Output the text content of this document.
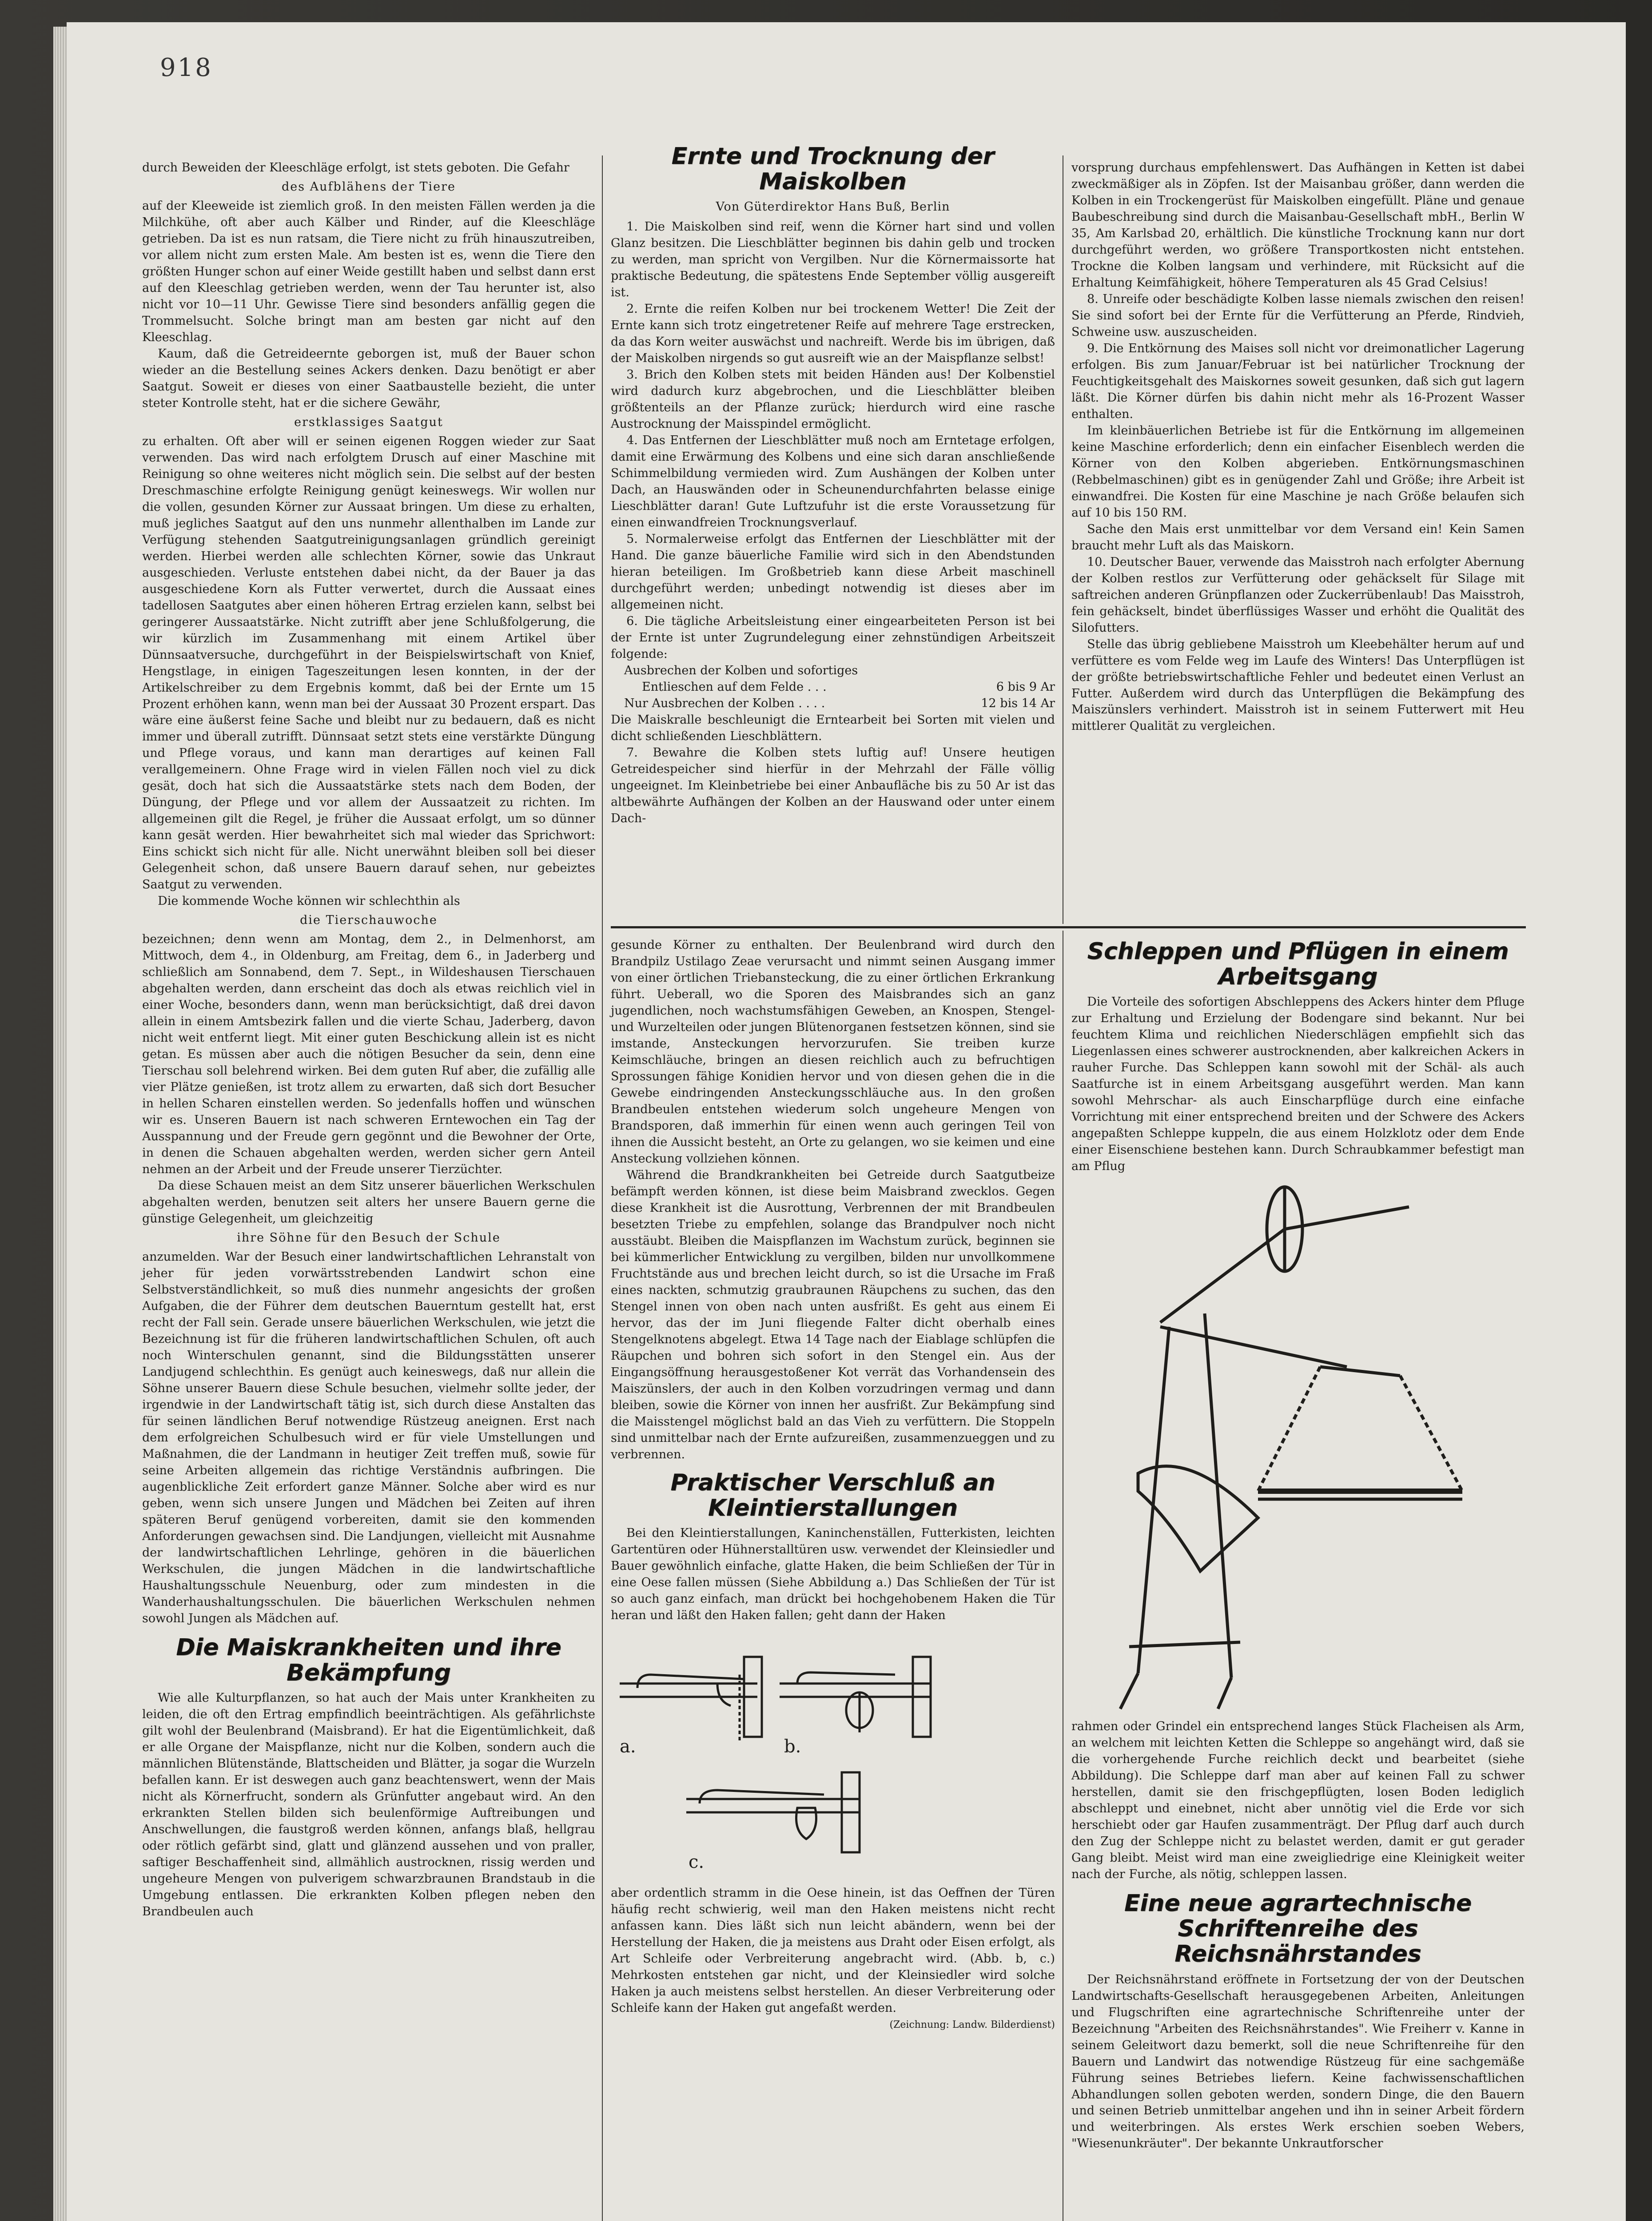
918

durch Beweiden der Kleeschläge erfolgt, ist stets geboten. Die Gefahr

des Aufblähens der Tiere

auf der Kleeweide ist ziemlich groß. In den meisten Fällen werden ja die Milchkühe, oft aber auch Kälber und Rinder, auf die Kleeschläge getrieben. Da ist es nun ratsam, die Tiere nicht zu früh hinauszutreiben, vor allem nicht zum ersten Male. Am besten ist es, wenn die Tiere den größten Hunger schon auf einer Weide gestillt haben und selbst dann erst auf den Kleeschlag getrieben werden, wenn der Tau herunter ist, also nicht vor 10—11 Uhr. Gewisse Tiere sind besonders anfällig gegen die Trommelsucht. Solche bringt man am besten gar nicht auf den Kleeschlag.

Kaum, daß die Getreideernte geborgen ist, muß der Bauer schon wieder an die Bestellung seines Ackers denken. Dazu benötigt er aber Saatgut. Soweit er dieses von einer Saatbaustelle bezieht, die unter steter Kontrolle steht, hat er die sichere Gewähr,

erstklassiges Saatgut

zu erhalten. Oft aber will er seinen eigenen Roggen wieder zur Saat verwenden. Das wird nach erfolgtem Drusch auf einer Maschine mit Reinigung so ohne weiteres nicht möglich sein. Die selbst auf der besten Dreschmaschine erfolgte Reinigung genügt keineswegs. Wir wollen nur die vollen, gesunden Körner zur Aussaat bringen. Um diese zu erhalten, muß jegliches Saatgut auf den uns nunmehr allenthalben im Lande zur Verfügung stehenden Saatgutreinigungsanlagen gründlich gereinigt werden. Hierbei werden alle schlechten Körner, sowie das Unkraut ausgeschieden. Verluste entstehen dabei nicht, da der Bauer ja das ausgeschiedene Korn als Futter verwertet, durch die Aussaat eines tadellosen Saatgutes aber einen höheren Ertrag erzielen kann, selbst bei geringerer Aussaatstärke. Nicht zutrifft aber jene Schlußfolgerung, die wir kürzlich im Zusammenhang mit einem Artikel über Dünnsaatversuche, durchgeführt in der Beispielswirtschaft von Knief, Hengstlage, in einigen Tageszeitungen lesen konnten, in der der Artikelschreiber zu dem Ergebnis kommt, daß bei der Ernte um 15 Prozent erhöhen kann, wenn man bei der Aussaat 30 Prozent erspart. Das wäre eine äußerst feine Sache und bleibt nur zu bedauern, daß es nicht immer und überall zutrifft. Dünnsaat setzt stets eine verstärkte Düngung und Pflege voraus, und kann man derartiges auf keinen Fall verallgemeinern. Ohne Frage wird in vielen Fällen noch viel zu dick gesät, doch hat sich die Aussaatstärke stets nach dem Boden, der Düngung, der Pflege und vor allem der Aussaatzeit zu richten. Im allgemeinen gilt die Regel, je früher die Aussaat erfolgt, um so dünner kann gesät werden. Hier bewahrheitet sich mal wieder das Sprichwort: Eins schickt sich nicht für alle. Nicht unerwähnt bleiben soll bei dieser Gelegenheit schon, daß unsere Bauern darauf sehen, nur gebeiztes Saatgut zu verwenden.

Die kommende Woche können wir schlechthin als

die Tierschauwoche

bezeichnen; denn wenn am Montag, dem 2., in Delmenhorst, am Mittwoch, dem 4., in Oldenburg, am Freitag, dem 6., in Jaderberg und schließlich am Sonnabend, dem 7. Sept., in Wildeshausen Tierschauen abgehalten werden, dann erscheint das doch als etwas reichlich viel in einer Woche, besonders dann, wenn man berücksichtigt, daß drei davon allein in einem Amtsbezirk fallen und die vierte Schau, Jaderberg, davon nicht weit entfernt liegt. Mit einer guten Beschickung allein ist es nicht getan. Es müssen aber auch die nötigen Besucher da sein, denn eine Tierschau soll belehrend wirken. Bei dem guten Ruf aber, die zufällig alle vier Plätze genießen, ist trotz allem zu erwarten, daß sich dort Besucher in hellen Scharen einstellen werden. So jedenfalls hoffen und wünschen wir es. Unseren Bauern ist nach schweren Erntewochen ein Tag der Ausspannung und der Freude gern gegönnt und die Bewohner der Orte, in denen die Schauen abgehalten werden, werden sicher gern Anteil nehmen an der Arbeit und der Freude unserer Tierzüchter.

Da diese Schauen meist an dem Sitz unserer bäuerlichen Werkschulen abgehalten werden, benutzen seit alters her unsere Bauern gerne die günstige Gelegenheit, um gleichzeitig

ihre Söhne für den Besuch der Schule

anzumelden. War der Besuch einer landwirtschaftlichen Lehranstalt von jeher für jeden vorwärtsstrebenden Landwirt schon eine Selbstverständlichkeit, so muß dies nunmehr angesichts der großen Aufgaben, die der Führer dem deutschen Bauerntum gestellt hat, erst recht der Fall sein. Gerade unsere bäuerlichen Werkschulen, wie jetzt die Bezeichnung ist für die früheren landwirtschaftlichen Schulen, oft auch noch Winterschulen genannt, sind die Bildungsstätten unserer Landjugend schlechthin. Es genügt auch keineswegs, daß nur allein die Söhne unserer Bauern diese Schule besuchen, vielmehr sollte jeder, der irgendwie in der Landwirtschaft tätig ist, sich durch diese Anstalten das für seinen ländlichen Beruf notwendige Rüstzeug aneignen. Erst nach dem erfolgreichen Schulbesuch wird er für viele Umstellungen und Maßnahmen, die der Landmann in heutiger Zeit treffen muß, sowie für seine Arbeiten allgemein das richtige Verständnis aufbringen. Die augenblickliche Zeit erfordert ganze Männer. Solche aber wird es nur geben, wenn sich unsere Jungen und Mädchen bei Zeiten auf ihren späteren Beruf genügend vorbereiten, damit sie den kommenden Anforderungen gewachsen sind. Die Landjungen, vielleicht mit Ausnahme der landwirtschaftlichen Lehrlinge, gehören in die bäuerlichen Werkschulen, die jungen Mädchen in die landwirtschaftliche Haushaltungsschule Neuenburg, oder zum mindesten in die Wanderhaushaltungsschulen. Die bäuerlichen Werkschulen nehmen sowohl Jungen als Mädchen auf.

Die Maiskrankheiten und ihre Bekämpfung

Wie alle Kulturpflanzen, so hat auch der Mais unter Krankheiten zu leiden, die oft den Ertrag empfindlich beeinträchtigen. Als gefährlichste gilt wohl der Beulenbrand (Maisbrand). Er hat die Eigentümlichkeit, daß er alle Organe der Maispflanze, nicht nur die Kolben, sondern auch die männlichen Blütenstände, Blattscheiden und Blätter, ja sogar die Wurzeln befallen kann. Er ist deswegen auch ganz beachtenswert, wenn der Mais nicht als Körnerfrucht, sondern als Grünfutter angebaut wird. An den erkrankten Stellen bilden sich beulenförmige Auftreibungen und Anschwellungen, die faustgroß werden können, anfangs blaß, hellgrau oder rötlich gefärbt sind, glatt und glänzend aussehen und von praller, saftiger Beschaffenheit sind, allmählich austrocknen, rissig werden und ungeheure Mengen von pulverigem schwarzbraunen Brandstaub in die Umgebung entlassen. Die erkrankten Kolben pflegen neben den Brandbeulen auch

Ernte und Trocknung der Maiskolben
Von Güterdirektor Hans Buß, Berlin

1. Die Maiskolben sind reif, wenn die Körner hart sind und vollen Glanz besitzen. Die Lieschblätter beginnen bis dahin gelb und trocken zu werden, man spricht von Vergilben. Nur die Körnermaissorte hat praktische Bedeutung, die spätestens Ende September völlig ausgereift ist.

2. Ernte die reifen Kolben nur bei trockenem Wetter! Die Zeit der Ernte kann sich trotz eingetretener Reife auf mehrere Tage erstrecken, da das Korn weiter auswächst und nachreift. Werde bis im übrigen, daß der Maiskolben nirgends so gut ausreift wie an der Maispflanze selbst!

3. Brich den Kolben stets mit beiden Händen aus! Der Kolbenstiel wird dadurch kurz abgebrochen, und die Lieschblätter bleiben größtenteils an der Pflanze zurück; hierdurch wird eine rasche Austrocknung der Maisspindel ermöglicht.

4. Das Entfernen der Lieschblätter muß noch am Erntetage erfolgen, damit eine Erwärmung des Kolbens und eine sich daran anschließende Schimmelbildung vermieden wird. Zum Aushängen der Kolben unter Dach, an Hauswänden oder in Scheunendurchfahrten belasse einige Lieschblätter daran! Gute Luftzufuhr ist die erste Voraussetzung für einen einwandfreien Trocknungsverlauf.

5. Normalerweise erfolgt das Entfernen der Lieschblätter mit der Hand. Die ganze bäuerliche Familie wird sich in den Abendstunden hieran beteiligen. Im Großbetrieb kann diese Arbeit maschinell durchgeführt werden; unbedingt notwendig ist dieses aber im allgemeinen nicht.

6. Die tägliche Arbeitsleistung einer eingearbeiteten Person ist bei der Ernte ist unter Zugrundelegung einer zehnstündigen Arbeitszeit folgende:

Ausbrechen der Kolben und sofortiges
Entlieschen auf dem Felde . . .	6 bis 9 Ar
Nur Ausbrechen der Kolben . . . .	12 bis 14 Ar

Die Maiskralle beschleunigt die Erntearbeit bei Sorten mit vielen und dicht schließenden Lieschblättern.

7. Bewahre die Kolben stets luftig auf! Unsere heutigen Getreidespeicher sind hierfür in der Mehrzahl der Fälle völlig ungeeignet. Im Kleinbetriebe bei einer Anbaufläche bis zu 50 Ar ist das altbewährte Aufhängen der Kolben an der Hauswand oder unter einem Dach-

vorsprung durchaus empfehlenswert. Das Aufhängen in Ketten ist dabei zweckmäßiger als in Zöpfen. Ist der Maisanbau größer, dann werden die Kolben in ein Trockengerüst für Maiskolben eingefüllt. Pläne und genaue Baubeschreibung sind durch die Maisanbau-Gesellschaft mbH., Berlin W 35, Am Karlsbad 20, erhältlich. Die künstliche Trocknung kann nur dort durchgeführt werden, wo größere Transportkosten nicht entstehen. Trockne die Kolben langsam und verhindere, mit Rücksicht auf die Erhaltung Keimfähigkeit, höhere Temperaturen als 45 Grad Celsius!

8. Unreife oder beschädigte Kolben lasse niemals zwischen den reisen! Sie sind sofort bei der Ernte für die Verfütterung an Pferde, Rindvieh, Schweine usw. auszuscheiden.

9. Die Entkörnung des Maises soll nicht vor dreimonatlicher Lagerung erfolgen. Bis zum Januar/Februar ist bei natürlicher Trocknung der Feuchtigkeitsgehalt des Maiskornes soweit gesunken, daß sich gut lagern läßt. Die Körner dürfen bis dahin nicht mehr als 16-Prozent Wasser enthalten.

Im kleinbäuerlichen Betriebe ist für die Entkörnung im allgemeinen keine Maschine erforderlich; denn ein einfacher Eisenblech werden die Körner von den Kolben abgerieben. Entkörnungsmaschinen (Rebbelmaschinen) gibt es in genügender Zahl und Größe; ihre Arbeit ist einwandfrei. Die Kosten für eine Maschine je nach Größe belaufen sich auf 10 bis 150 RM.

Sache den Mais erst unmittelbar vor dem Versand ein! Kein Samen braucht mehr Luft als das Maiskorn.

10. Deutscher Bauer, verwende das Maisstroh nach erfolgter Abernung der Kolben restlos zur Verfütterung oder gehäckselt für Silage mit saftreichen anderen Grünpflanzen oder Zuckerrübenlaub! Das Maisstroh, fein gehäckselt, bindet überflüssiges Wasser und erhöht die Qualität des Silofutters.

Stelle das übrig gebliebene Maisstroh um Kleebehälter herum auf und verfüttere es vom Felde weg im Laufe des Winters! Das Unterpflügen ist der größte betriebswirtschaftliche Fehler und bedeutet einen Verlust an Futter. Außerdem wird durch das Unterpflügen die Bekämpfung des Maiszünslers verhindert. Maisstroh ist in seinem Futterwert mit Heu mittlerer Qualität zu vergleichen.

gesunde Körner zu enthalten. Der Beulenbrand wird durch den Brandpilz Ustilago Zeae verursacht und nimmt seinen Ausgang immer von einer örtlichen Triebansteckung, die zu einer örtlichen Erkrankung führt. Ueberall, wo die Sporen des Maisbrandes sich an ganz jugendlichen, noch wachstumsfähigen Geweben, an Knospen, Stengel- und Wurzelteilen oder jungen Blütenorganen festsetzen können, sind sie imstande, Ansteckungen hervorzurufen. Sie treiben kurze Keimschläuche, bringen an diesen reichlich auch zu befruchtigen Sprossungen fähige Konidien hervor und von diesen gehen die in die Gewebe eindringenden Ansteckungsschläuche aus. In den großen Brandbeulen entstehen wiederum solch ungeheure Mengen von Brandsporen, daß immerhin für einen wenn auch geringen Teil von ihnen die Aussicht besteht, an Orte zu gelangen, wo sie keimen und eine Ansteckung vollziehen können.

Während die Brandkrankheiten bei Getreide durch Saatgutbeize befämpft werden können, ist diese beim Maisbrand zwecklos. Gegen diese Krankheit ist die Ausrottung, Verbrennen der mit Brandbeulen besetzten Triebe zu empfehlen, solange das Brandpulver noch nicht ausstäubt. Bleiben die Maispflanzen im Wachstum zurück, beginnen sie bei kümmerlicher Entwicklung zu vergilben, bilden nur unvollkommene Fruchtstände aus und brechen leicht durch, so ist die Ursache im Fraß eines nackten, schmutzig graubraunen Räupchens zu suchen, das den Stengel innen von oben nach unten ausfrißt. Es geht aus einem Ei hervor, das der im Juni fliegende Falter dicht oberhalb eines Stengelknotens abgelegt. Etwa 14 Tage nach der Eiablage schlüpfen die Räupchen und bohren sich sofort in den Stengel ein. Aus der Eingangsöffnung herausgestoßener Kot verrät das Vorhandensein des Maiszünslers, der auch in den Kolben vorzudringen vermag und dann bleiben, sowie die Körner von innen her ausfrißt. Zur Bekämpfung sind die Maisstengel möglichst bald an das Vieh zu verfüttern. Die Stoppeln sind unmittelbar nach der Ernte aufzureißen, zusammenzueggen und zu verbrennen.

Praktischer Verschluß an Kleintierstallungen

Bei den Kleintierstallungen, Kaninchenställen, Futterkisten, leichten Gartentüren oder Hühnerstalltüren usw. verwendet der Kleinsiedler und Bauer gewöhnlich einfache, glatte Haken, die beim Schließen der Tür in eine Oese fallen müssen (Siehe Abbildung a.) Das Schließen der Tür ist so auch ganz einfach, man drückt bei hochgehobenem Haken die Tür heran und läßt den Haken fallen; geht dann der Haken

a.	b.
c.

aber ordentlich stramm in die Oese hinein, ist das Oeffnen der Türen häufig recht schwierig, weil man den Haken meistens nicht recht anfassen kann. Dies läßt sich nun leicht abändern, wenn bei der Herstellung der Haken, die ja meistens aus Draht oder Eisen erfolgt, als Art Schleife oder Verbreiterung angebracht wird. (Abb. b, c.) Mehrkosten entstehen gar nicht, und der Kleinsiedler wird solche Haken ja auch meistens selbst herstellen. An dieser Verbreiterung oder Schleife kann der Haken gut angefaßt werden.

(Zeichnung: Landw. Bilderdienst)
Schleppen und Pflügen in einem Arbeitsgang

Die Vorteile des sofortigen Abschleppens des Ackers hinter dem Pfluge zur Erhaltung und Erzielung der Bodengare sind bekannt. Nur bei feuchtem Klima und reichlichen Niederschlägen empfiehlt sich das Liegenlassen eines schwerer austrocknenden, aber kalkreichen Ackers in rauher Furche. Das Schleppen kann sowohl mit der Schäl- als auch Saatfurche ist in einem Arbeitsgang ausgeführt werden. Man kann sowohl Mehrschar- als auch Einscharpflüge durch eine einfache Vorrichtung mit einer entsprechend breiten und der Schwere des Ackers angepaßten Schleppe kuppeln, die aus einem Holzklotz oder dem Ende einer Eisenschiene bestehen kann. Durch Schraubkammer befestigt man am Pflug

rahmen oder Grindel ein entsprechend langes Stück Flacheisen als Arm, an welchem mit leichten Ketten die Schleppe so angehängt wird, daß sie die vorhergehende Furche reichlich deckt und bearbeitet (siehe Abbildung). Die Schleppe darf man aber auf keinen Fall zu schwer herstellen, damit sie den frischgepflügten, losen Boden lediglich abschleppt und einebnet, nicht aber unnötig viel die Erde vor sich herschiebt oder gar Haufen zusammenträgt. Der Pflug darf auch durch den Zug der Schleppe nicht zu belastet werden, damit er gut gerader Gang bleibt. Meist wird man eine zweigliedrige eine Kleinigkeit weiter nach der Furche, als nötig, schleppen lassen.

Eine neue agrartechnische Schriftenreihe des Reichsnährstandes

Der Reichsnährstand eröffnete in Fortsetzung der von der Deutschen Landwirtschafts-Gesellschaft herausgegebenen Arbeiten, Anleitungen und Flugschriften eine agrartechnische Schriftenreihe unter der Bezeichnung "Arbeiten des Reichsnährstandes". Wie Freiherr v. Kanne in seinem Geleitwort dazu bemerkt, soll die neue Schriftenreihe für den Bauern und Landwirt das notwendige Rüstzeug für eine sachgemäße Führung seines Betriebes liefern. Keine fachwissenschaftlichen Abhandlungen sollen geboten werden, sondern Dinge, die den Bauern und seinen Betrieb unmittelbar angehen und ihn in seiner Arbeit fördern und weiterbringen. Als erstes Werk erschien soeben Webers, "Wiesenunkräuter". Der bekannte Unkrautforscher
